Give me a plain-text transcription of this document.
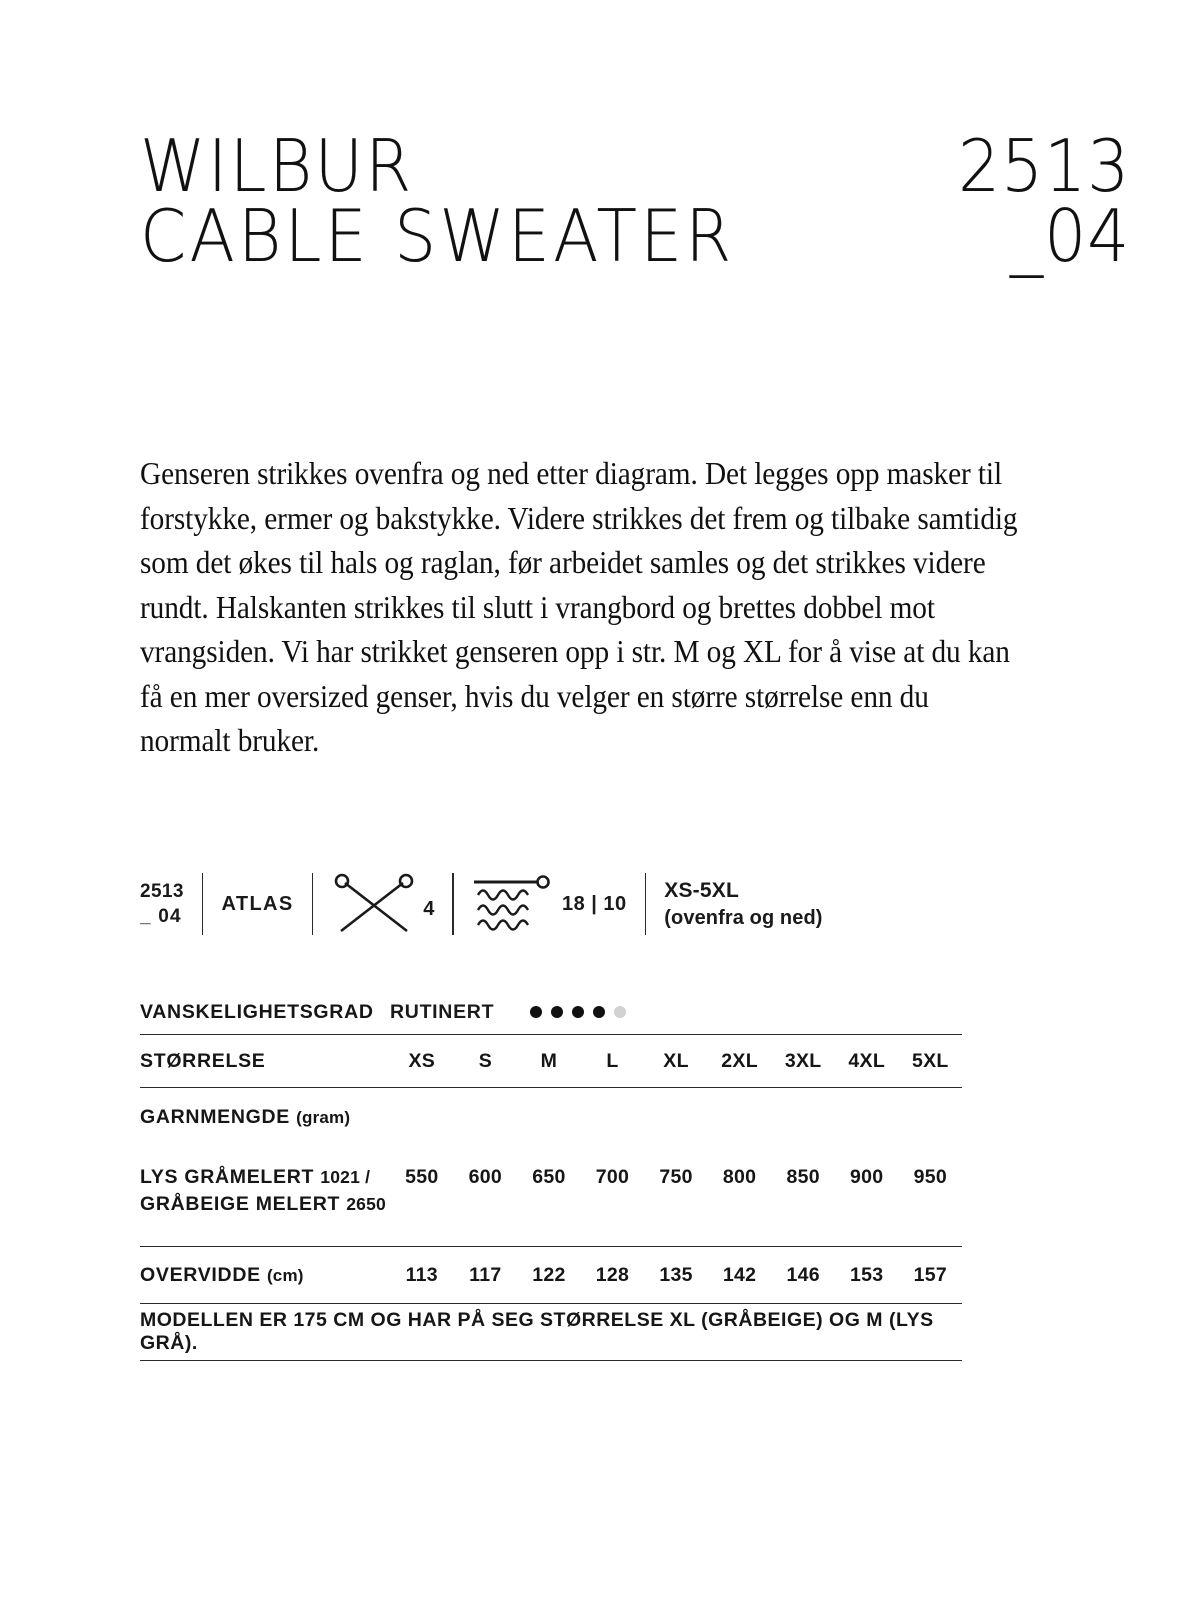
WILBUR
CABLE SWEATER
2513
_04
Genseren strikkes ovenfra og ned etter diagram. Det legges opp masker til forstykke, ermer og bakstykke. Videre strikkes det frem og tilbake samtidig som det økes til hals og raglan, før arbeidet samles og det strikkes videre rundt. Halskanten strikkes til slutt i vrangbord og brettes dobbel mot vrangsiden. Vi har strikket genseren opp i str. M og XL for å vise at du kan få en mer oversized genser, hvis du velger en større størrelse enn du normalt bruker.
2513
_ 04
ATLAS	4	18 | 10
XS-5XL
(ovenfra og ned)
VANSKELIGHETSGRAD RUTINERT
STØRRELSE	XS	S	M	L	XL	2XL	3XL	4XL	5XL
GARNMENGDE (gram)
LYS GRÅMELERT 1021 /
GRÅBEIGE MELERT 2650
550	600	650	700	750	800	850	900	950
OVERVIDDE (cm)	113	117	122	128	135	142	146	153	157
MODELLEN ER 175 CM OG HAR PÅ SEG STØRRELSE XL (GRÅBEIGE) OG M (LYS GRÅ).
